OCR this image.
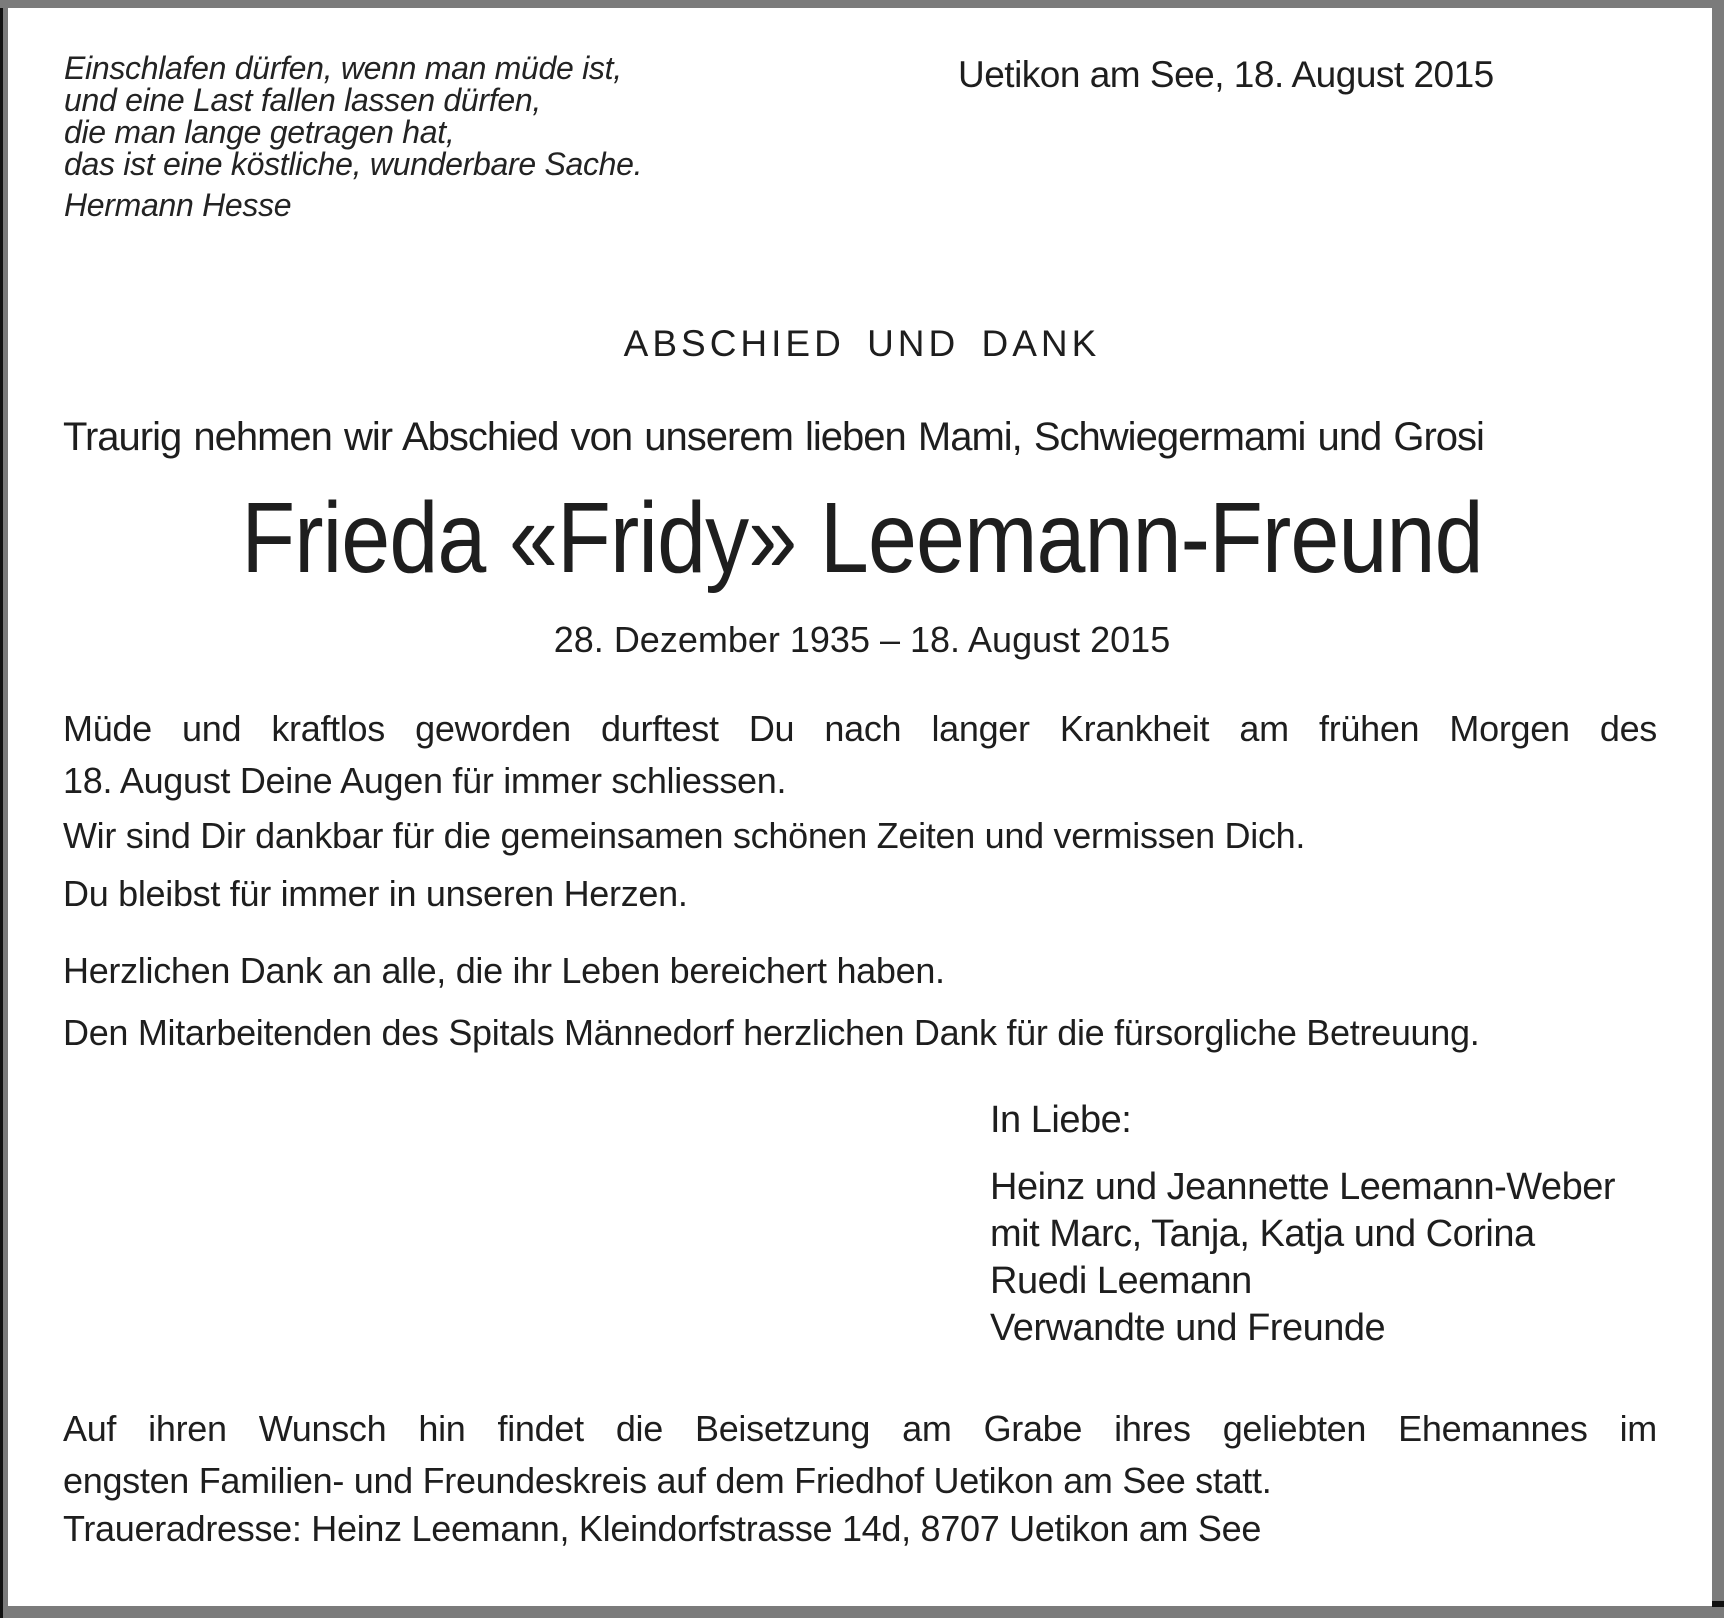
Einschlafen dürfen, wenn man müde ist,
und eine Last fallen lassen dürfen,
die man lange getragen hat,
das ist eine köstliche, wunderbare Sache.
Hermann Hesse
Uetikon am See, 18. August 2015
ABSCHIED UND DANK
Traurig nehmen wir Abschied von unserem lieben Mami, Schwiegermami und Grosi
Frieda «Fridy» Leemann-Freund
28. Dezember 1935 – 18. August 2015
Müde und kraftlos geworden durftest Du nach langer Krankheit am frühen Morgen des
18. August Deine Augen für immer schliessen.
Wir sind Dir dankbar für die gemeinsamen schönen Zeiten und vermissen Dich.
Du bleibst für immer in unseren Herzen.
Herzlichen Dank an alle, die ihr Leben bereichert haben.
Den Mitarbeitenden des Spitals Männedorf herzlichen Dank für die fürsorgliche Betreuung.
In Liebe:
Heinz und Jeannette Leemann-Weber
mit Marc, Tanja, Katja und Corina
Ruedi Leemann
Verwandte und Freunde
Auf ihren Wunsch hin findet die Beisetzung am Grabe ihres geliebten Ehemannes im
engsten Familien- und Freundeskreis auf dem Friedhof Uetikon am See statt.
Traueradresse: Heinz Leemann, Kleindorfstrasse 14d, 8707 Uetikon am See
